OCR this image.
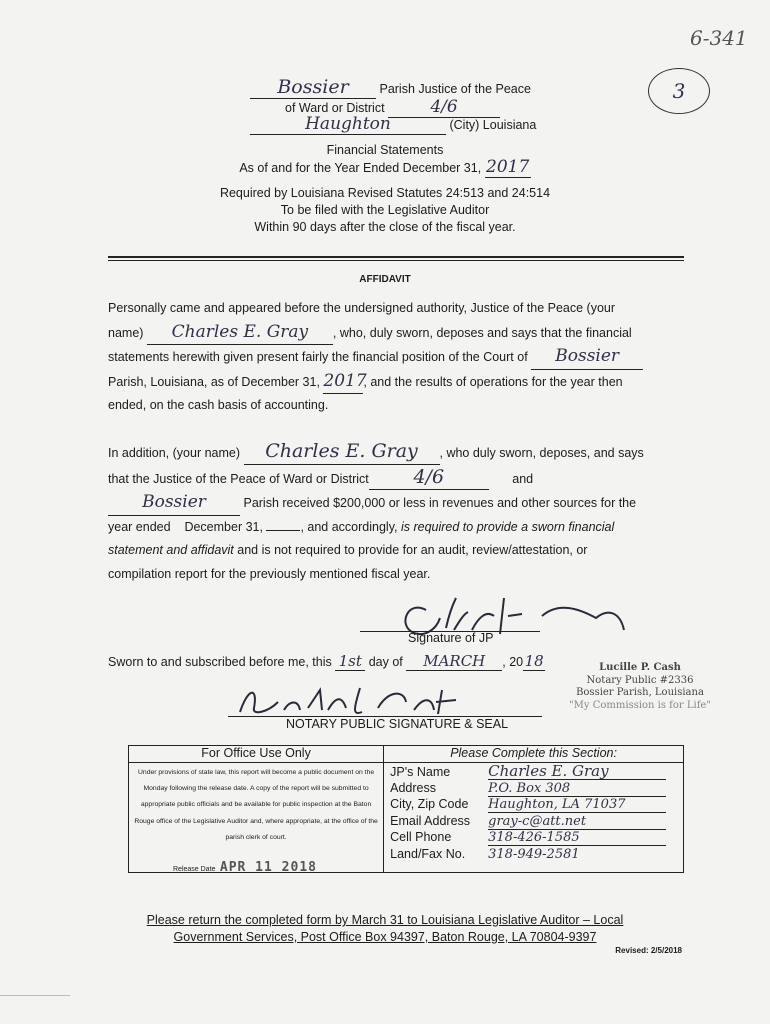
6-341
3
Bossier Parish Justice of the Peace
of Ward or District	4/6
Haughton	(City) Louisiana
Financial Statements
As of and for the Year Ended December 31, 2017
Required by Louisiana Revised Statutes 24:513 and 24:514
To be filed with the Legislative Auditor
Within 90 days after the close of the fiscal year.
AFFIDAVIT
Personally came and appeared before the undersigned authority, Justice of the Peace (your
name) Charles E. Gray , who, duly sworn, deposes and says that the financial
statements herewith given present fairly the financial position of the Court of Bossier
Parish, Louisiana, as of December 31, 2017, and the results of operations for the year then
ended, on the cash basis of accounting.
In addition, (your name) Charles E. Gray , who duly sworn, deposes, and says
that the Justice of the Peace of Ward or District 4/6	and
Bossier	Parish received $200,000 or less in revenues and other sources for the
year ended    December 31,	, and accordingly, is required to provide a sworn financial
statement and affidavit and is not required to provide for an audit, review/attestation, or
compilation report for the previously mentioned fiscal year.
Signature of JP
Sworn to and subscribed before me, this 1st day of MARCH , 2018	Lucille P. Cash
Notary Public #2336
Bossier Parish, Louisiana
"My Commission is for Life"
NOTARY PUBLIC SIGNATURE & SEAL
For Office Use Only
Under provisions of state law, this report will become a public document on the Monday following the release date. A copy of the report will be submitted to appropriate public officials and be available for public inspection at the Baton Rouge office of the Legislative Auditor and, where appropriate, at the office of the parish clerk of court.
Release Date APR 11 2018

Please Complete this Section:
JP's Name	Charles E. Gray
Address	P.O. Box 308
City, Zip Code Haughton, LA 71037
Email Address gray-c@att.net
Cell Phone	318-426-1585
Land/Fax No. 318-949-2581
Please return the completed form by March 31 to Louisiana Legislative Auditor – Local
Government Services, Post Office Box 94397, Baton Rouge, LA 70804-9397
Revised: 2/5/2018
